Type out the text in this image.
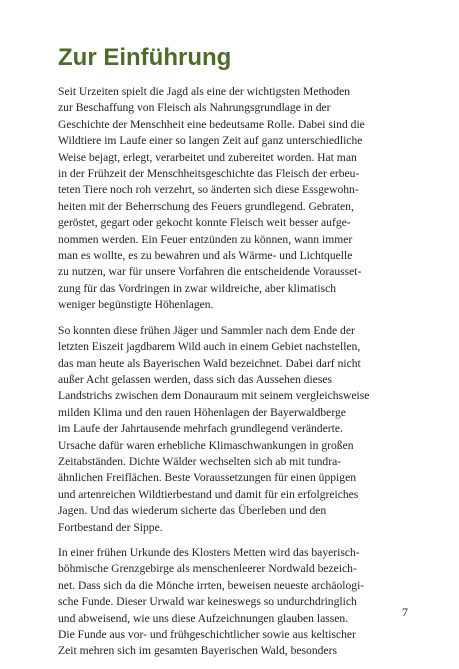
Zur Einführung

Seit Urzeiten spielt die Jagd als eine der wichtigsten Methoden
zur Beschaffung von Fleisch als Nahrungsgrundlage in der
Geschichte der Menschheit eine bedeutsame Rolle. Dabei sind die
Wildtiere im Laufe einer so langen Zeit auf ganz unterschiedliche
Weise bejagt, erlegt, verarbeitet und zubereitet worden. Hat man
in der Frühzeit der Menschheitsgeschichte das Fleisch der erbeu-
teten Tiere noch roh verzehrt, so änderten sich diese Essgewohn-
heiten mit der Beherrschung des Feuers grundlegend. Gebraten,
geröstet, gegart oder gekocht konnte Fleisch weit besser aufge-
nommen werden. Ein Feuer entzünden zu können, wann immer
man es wollte, es zu bewahren und als Wärme- und Lichtquelle
zu nutzen, war für unsere Vorfahren die entscheidende Vorausset-
zung für das Vordringen in zwar wildreiche, aber klimatisch
weniger begünstigte Höhenlagen.

So konnten diese frühen Jäger und Sammler nach dem Ende der
letzten Eiszeit jagdbarem Wild auch in einem Gebiet nachstellen,
das man heute als Bayerischen Wald bezeichnet. Dabei darf nicht
außer Acht gelassen werden, dass sich das Aussehen dieses
Landstrichs zwischen dem Donauraum mit seinem vergleichsweise
milden Klima und den rauen Höhenlagen der Bayerwaldberge
im Laufe der Jahrtausende mehrfach grundlegend veränderte.
Ursache dafür waren erhebliche Klimaschwankungen in großen
Zeitabständen. Dichte Wälder wechselten sich ab mit tundra-
ähnlichen Freiflächen. Beste Voraussetzungen für einen üppigen
und artenreichen Wildtierbestand und damit für ein erfolgreiches
Jagen. Und das wiederum sicherte das Überleben und den
Fortbestand der Sippe.

In einer frühen Urkunde des Klosters Metten wird das bayerisch-
böhmische Grenzgebirge als menschenleerer Nordwald bezeich-
net. Dass sich da die Mönche irrten, beweisen neueste archäologi-
sche Funde. Dieser Urwald war keineswegs so undurchdringlich
und abweisend, wie uns diese Aufzeichnungen glauben lassen.
Die Funde aus vor- und frühgeschichtlicher sowie aus keltischer
Zeit mehren sich im gesamten Bayerischen Wald, besonders

7
